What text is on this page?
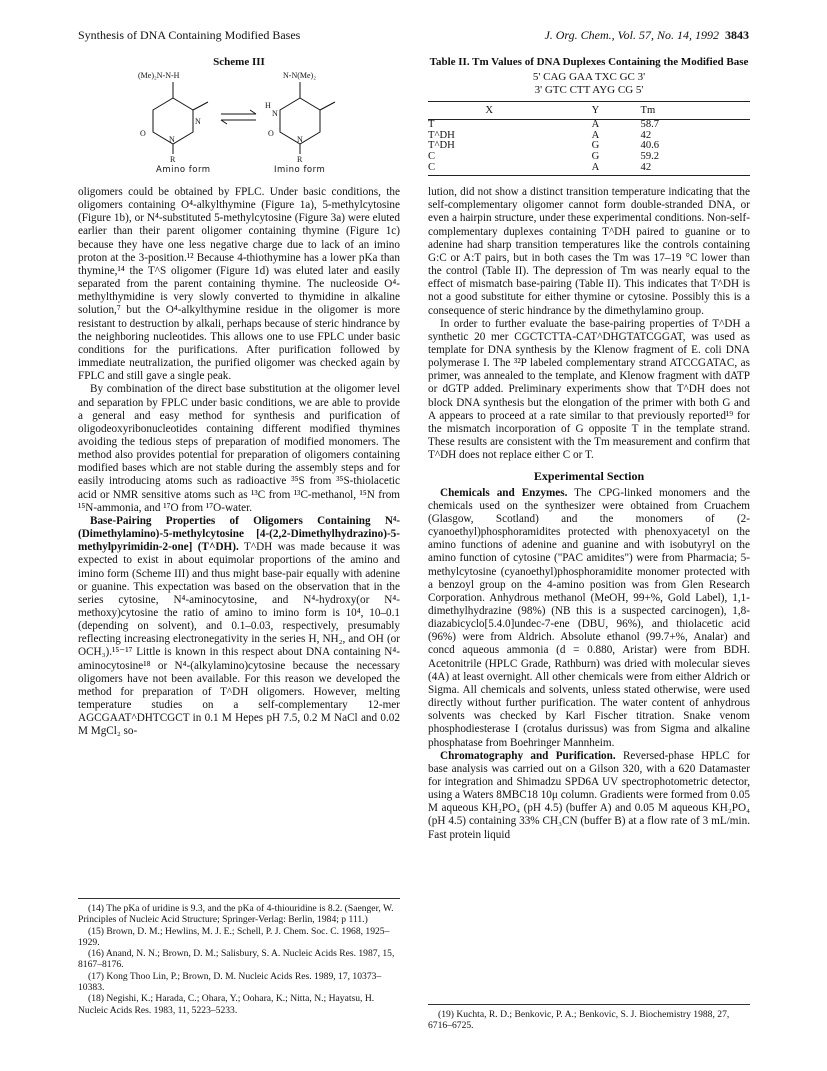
Synthesis of DNA Containing Modified Bases	J. Org. Chem., Vol. 57, No. 14, 1992 3843
Scheme III
N
O
N
R
H
N
O
N
R
(Me)₂N-N-H	N-N(Me)₂
Amino form	Imino form

oligomers could be obtained by FPLC. Under basic conditions, the oligomers containing O⁴-alkylthymine (Figure 1a), 5-methylcytosine (Figure 1b), or N⁴-substituted 5-methylcytosine (Figure 3a) were eluted earlier than their parent oligomer containing thymine (Figure 1c) because they have one less negative charge due to lack of an imino proton at the 3-position.¹² Because 4-thiothymine has a lower pKa than thymine,¹⁴ the T^S oligomer (Figure 1d) was eluted later and easily separated from the parent containing thymine. The nucleoside O⁴-methylthymidine is very slowly converted to thymidine in alkaline solution,⁷ but the O⁴-alkylthymine residue in the oligomer is more resistant to destruction by alkali, perhaps because of steric hindrance by the neighboring nucleotides. This allows one to use FPLC under basic conditions for the purifications. After purification followed by immediate neutralization, the purified oligomer was checked again by FPLC and still gave a single peak.

By combination of the direct base substitution at the oligomer level and separation by FPLC under basic conditions, we are able to provide a general and easy method for synthesis and purification of oligodeoxyribonucleotides containing different modified thymines avoiding the tedious steps of preparation of modified monomers. The method also provides potential for preparation of oligomers containing modified bases which are not stable during the assembly steps and for easily introducing atoms such as radioactive ³⁵S from ³⁵S-thiolacetic acid or NMR sensitive atoms such as ¹³C from ¹³C-methanol, ¹⁵N from ¹⁵N-ammonia, and ¹⁷O from ¹⁷O-water.

Base-Pairing Properties of Oligomers Containing N⁴-(Dimethylamino)-5-methylcytosine [4-(2,2-Dimethylhydrazino)-5-methylpyrimidin-2-one] (T^DH). T^DH was made because it was expected to exist in about equimolar proportions of the amino and imino form (Scheme III) and thus might base-pair equally with adenine or guanine. This expectation was based on the observation that in the series cytosine, N⁴-aminocytosine, and N⁴-hydroxy(or N⁴-methoxy)cytosine the ratio of amino to imino form is 10⁴, 10–0.1 (depending on solvent), and 0.1–0.03, respectively, presumably reflecting increasing electronegativity in the series H, NH₂, and OH (or OCH₃).¹⁵⁻¹⁷ Little is known in this respect about DNA containing N⁴-aminocytosine¹⁸ or N⁴-(alkylamino)cytosine because the necessary oligomers have not been available. For this reason we developed the method for preparation of T^DH oligomers. However, melting temperature studies on a self-complementary 12-mer AGCGAAT^DHTCGCT in 0.1 M Hepes pH 7.5, 0.2 M NaCl and 0.02 M MgCl₂ so-

(14) The pKa of uridine is 9.3, and the pKa of 4-thiouridine is 8.2. (Saenger, W. Principles of Nucleic Acid Structure; Springer-Verlag: Berlin, 1984; p 111.)
(15) Brown, D. M.; Hewlins, M. J. E.; Schell, P. J. Chem. Soc. C. 1968, 1925–1929.
(16) Anand, N. N.; Brown, D. M.; Salisbury, S. A. Nucleic Acids Res. 1987, 15, 8167–8176.
(17) Kong Thoo Lin, P.; Brown, D. M. Nucleic Acids Res. 1989, 17, 10373–10383.
(18) Negishi, K.; Harada, C.; Ohara, Y.; Oohara, K.; Nitta, N.; Hayatsu, H. Nucleic Acids Res. 1983, 11, 5223–5233.
Table II. Tm Values of DNA Duplexes Containing the Modified Base
5' CAG GAA TXC GC 3'
3' GTC CTT AYG CG 5'
X	Y	Tm
T	A	58.7
T^DH	A	42
T^DH	G	40.6
C	G	59.2
C	A	42

lution, did not show a distinct transition temperature indicating that the self-complementary oligomer cannot form double-stranded DNA, or even a hairpin structure, under these experimental conditions. Non-self-complementary duplexes containing T^DH paired to guanine or to adenine had sharp transition temperatures like the controls containing G:C or A:T pairs, but in both cases the Tm was 17–19 °C lower than the control (Table II). The depression of Tm was nearly equal to the effect of mismatch base-pairing (Table II). This indicates that T^DH is not a good substitute for either thymine or cytosine. Possibly this is a consequence of steric hindrance by the dimethylamino group.

In order to further evaluate the base-pairing properties of T^DH a synthetic 20 mer CGCTCTTA-CAT^DHGTATCGGAT, was used as template for DNA synthesis by the Klenow fragment of E. coli DNA polymerase I. The ³²P labeled complementary strand ATCCGATAC, as primer, was annealed to the template, and Klenow fragment with dATP or dGTP added. Preliminary experiments show that T^DH does not block DNA synthesis but the elongation of the primer with both G and A appears to proceed at a rate similar to that previously reported¹⁹ for the mismatch incorporation of G opposite T in the template strand. These results are consistent with the Tm measurement and confirm that T^DH does not replace either C or T.

Experimental Section

Chemicals and Enzymes. The CPG-linked monomers and the chemicals used on the synthesizer were obtained from Cruachem (Glasgow, Scotland) and the monomers of (2-cyanoethyl)phosphoramidites protected with phenoxyacetyl on the amino functions of adenine and guanine and with isobutyryl on the amino function of cytosine ("PAC amidites") were from Pharmacia; 5-methylcytosine (cyanoethyl)phosphoramidite monomer protected with a benzoyl group on the 4-amino position was from Glen Research Corporation. Anhydrous methanol (MeOH, 99+%, Gold Label), 1,1-dimethylhydrazine (98%) (NB this is a suspected carcinogen), 1,8-diazabicyclo[5.4.0]undec-7-ene (DBU, 96%), and thiolacetic acid (96%) were from Aldrich. Absolute ethanol (99.7+%, Analar) and concd aqueous ammonia (d = 0.880, Aristar) were from BDH. Acetonitrile (HPLC Grade, Rathburn) was dried with molecular sieves (4A) at least overnight. All other chemicals were from either Aldrich or Sigma. All chemicals and solvents, unless stated otherwise, were used directly without further purification. The water content of anhydrous solvents was checked by Karl Fischer titration. Snake venom phosphodiesterase I (crotalus durissus) was from Sigma and alkaline phosphatase from Boehringer Mannheim.

Chromatography and Purification. Reversed-phase HPLC for base analysis was carried out on a Gilson 320, with a 620 Datamaster for integration and Shimadzu SPD6A UV spectrophotometric detector, using a Waters 8MBC18 10μ column. Gradients were formed from 0.05 M aqueous KH₂PO₄ (pH 4.5) (buffer A) and 0.05 M aqueous KH₂PO₄ (pH 4.5) containing 33% CH₃CN (buffer B) at a flow rate of 3 mL/min. Fast protein liquid

(19) Kuchta, R. D.; Benkovic, P. A.; Benkovic, S. J. Biochemistry 1988, 27, 6716–6725.
